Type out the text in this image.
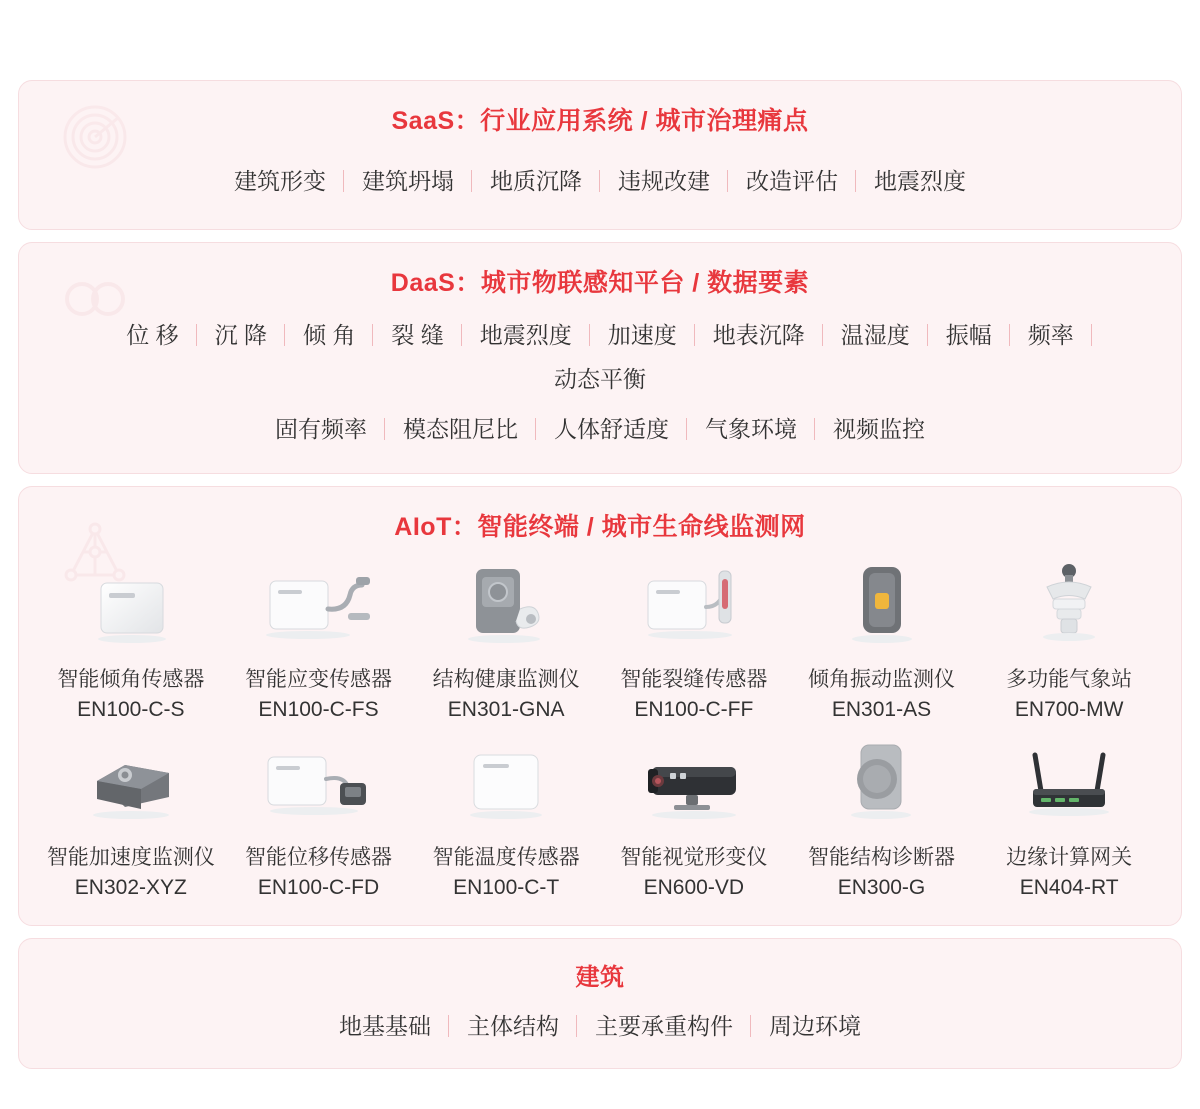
SaaS：行业应用系统 / 城市治理痛点
建筑形变	建筑坍塌	地质沉降	违规改建	改造评估	地震烈度
DaaS：城市物联感知平台 / 数据要素
位 移	沉 降	倾 角	裂 缝	地震烈度	加速度	地表沉降	温湿度	振幅	频率
动态平衡
固有频率	模态阻尼比	人体舒适度	气象环境	视频监控
AIoT：智能终端 / 城市生命线监测网
智能倾角传感器
EN100-C-S
智能应变传感器
EN100-C-FS
结构健康监测仪
EN301-GNA
智能裂缝传感器
EN100-C-FF
倾角振动监测仪
EN301-AS
多功能气象站
EN700-MW
智能加速度监测仪
EN302-XYZ
智能位移传感器
EN100-C-FD
智能温度传感器
EN100-C-T
智能视觉形变仪
EN600-VD
智能结构诊断器
EN300-G
边缘计算网关
EN404-RT
建筑
地基基础	主体结构	主要承重构件	周边环境
